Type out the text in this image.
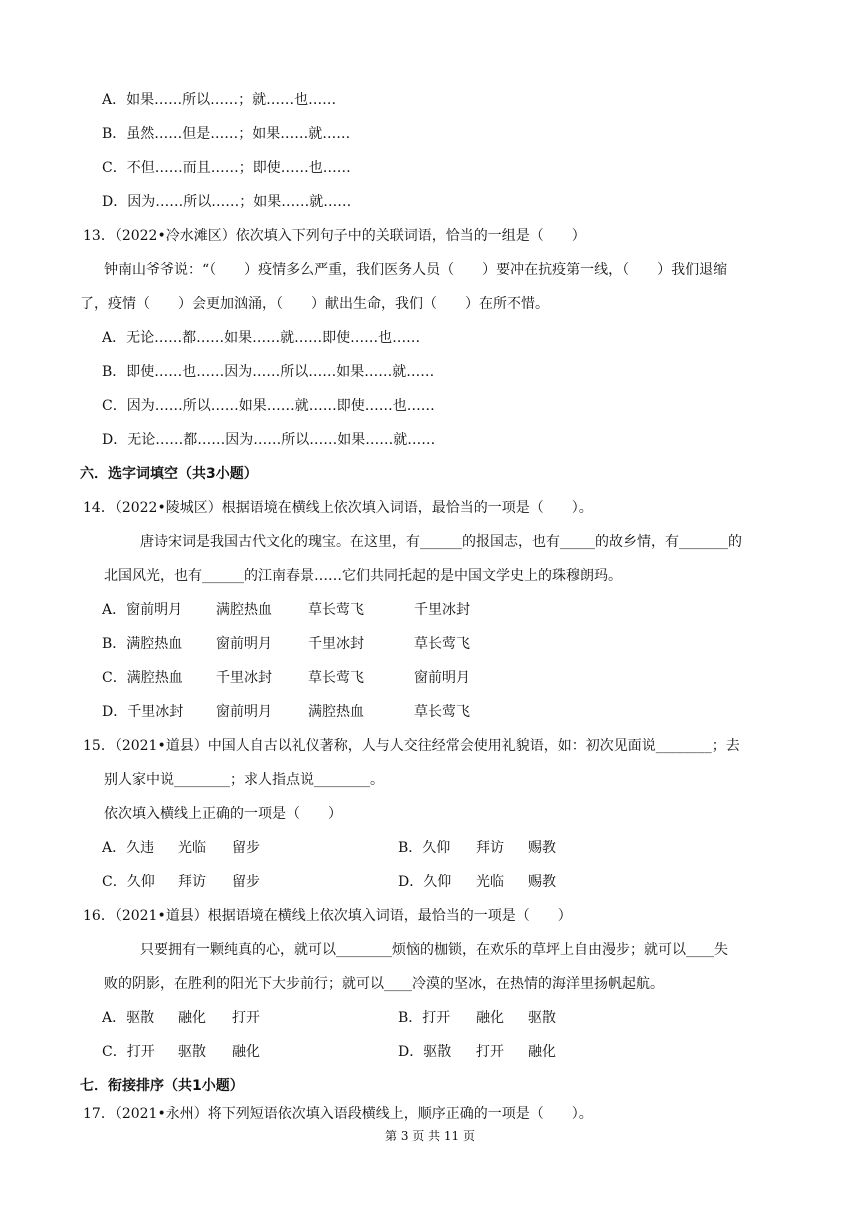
A．如果……所以……；就……也……
B．虽然……但是……；如果……就……
C．不但……而且……；即使……也……
D．因为……所以……；如果……就……
13．（2022•冷水滩区）依次填入下列句子中的关联词语，恰当的一组是（　　）
钟南山爷爷说：“（　　）疫情多么严重，我们医务人员（　　）要冲在抗疫第一线，（　　）我们退缩
了，疫情（　　）会更加汹涌，（　　）献出生命，我们（　　）在所不惜。
A．无论……都……如果……就……即使……也……
B．即使……也……因为……所以……如果……就……
C．因为……所以……如果……就……即使……也……
D．无论……都……因为……所以……如果……就……
六．选字词填空（共3小题）
14．（2022•陵城区）根据语境在横线上依次填入词语，最恰当的一项是（　　）。
唐诗宋词是我国古代文化的瑰宝。在这里，有______的报国志，也有_____的故乡情，有_______的
北国风光，也有______的江南春景……它们共同托起的是中国文学史上的珠穆朗玛。
A．窗前明月	满腔热血	草长莺飞	千里冰封
B．满腔热血	窗前明月	千里冰封	草长莺飞
C．满腔热血	千里冰封	草长莺飞	窗前明月
D．千里冰封	窗前明月	满腔热血	草长莺飞
15．（2021•道县）中国人自古以礼仪著称，人与人交往经常会使用礼貌语，如：初次见面说________；去
别人家中说________；求人指点说________。
依次填入横线上正确的一项是（　　）
A．久违	光临	留步	B．久仰	拜访	赐教
C．久仰	拜访	留步	D．久仰	光临	赐教
16．（2021•道县）根据语境在横线上依次填入词语，最恰当的一项是（　　）
只要拥有一颗纯真的心，就可以________烦恼的枷锁，在欢乐的草坪上自由漫步；就可以____失
败的阴影，在胜利的阳光下大步前行；就可以____冷漠的坚冰，在热情的海洋里扬帆起航。
A．驱散	融化	打开	B．打开	融化	驱散
C．打开	驱散	融化	D．驱散	打开	融化
七．衔接排序（共1小题）
17．（2021•永州）将下列短语依次填入语段横线上，顺序正确的一项是（　　）。
第 3 页 共 11 页
